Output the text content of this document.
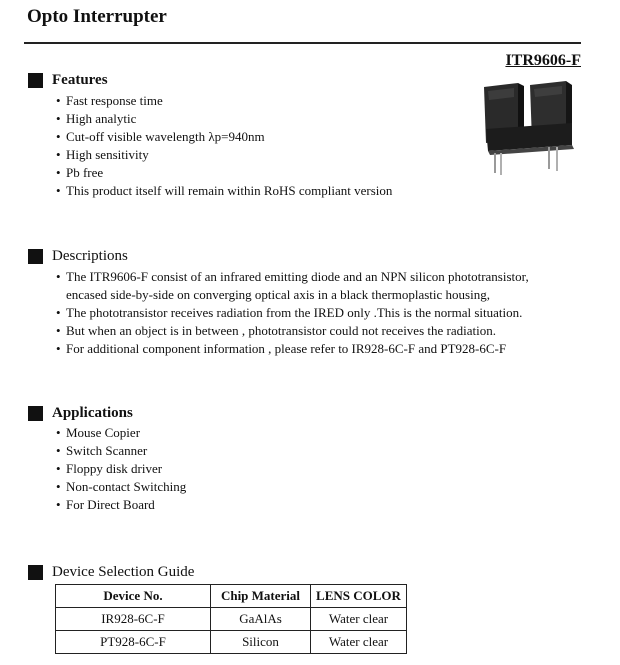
Opto Interrupter
ITR9606-F
Features
• Fast response time
• High analytic
• Cut-off visible wavelength λp=940nm
• High sensitivity
• Pb free
• This product itself will remain within RoHS compliant version
Descriptions
• The ITR9606-F consist of an infrared emitting diode and an NPN silicon phototransistor,
encased side-by-side on converging optical axis in a black thermoplastic housing,
• The phototransistor receives radiation from the IRED only .This is the normal situation.
• But when an object is in between , phototransistor could not receives the radiation.
• For additional component information , please refer to IR928-6C-F and PT928-6C-F
Applications
• Mouse Copier
• Switch Scanner
• Floppy disk driver
• Non-contact Switching
• For Direct Board
Device Selection Guide
Device No.	Chip Material	LENS COLOR
IR928-6C-F	GaAlAs	Water clear
PT928-6C-F	Silicon	Water clear
